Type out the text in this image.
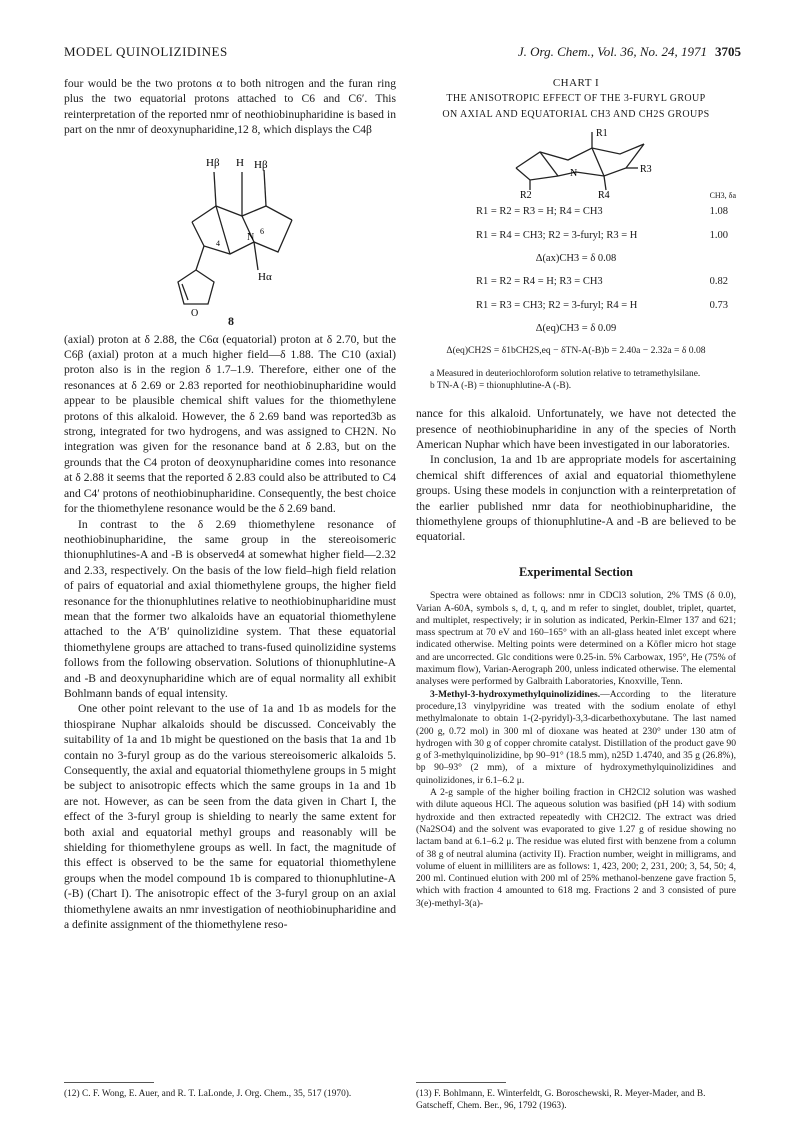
MODEL QUINOLIZIDINES	J. Org. Chem., Vol. 36, No. 24, 1971 3705

four would be the two protons α to both nitrogen and the furan ring plus the two equatorial protons attached to C6 and C6′. This reinterpretation of the reported nmr of neothiobinupharidine is based in part on the nmr of deoxynupharidine,12 8, which displays the C4β

Hβ H Hβ
Hα
N
4
6
O
8

(axial) proton at δ 2.88, the C6α (equatorial) proton at δ 2.70, but the C6β (axial) proton at a much higher field—δ 1.88. The C10 (axial) proton also is in the region δ 1.7–1.9. Therefore, either one of the resonances at δ 2.69 or 2.83 reported for neothiobinupharidine would appear to be plausible chemical shift values for the thiomethylene protons of this alkaloid. However, the δ 2.69 band was reported3b as strong, integrated for two hydrogens, and was assigned to CH2N. No integration was given for the resonance band at δ 2.83, but on the grounds that the C4 proton of deoxynupharidine comes into resonance at δ 2.88 it seems that the reported δ 2.83 could also be attributed to C4 and C4′ protons of neothiobinupharidine. Consequently, the best choice for the thiomethylene resonance would be the δ 2.69 band.

In contrast to the δ 2.69 thiomethylene resonance of neothiobinupharidine, the same group in the stereoisomeric thionuphlutines-A and -B is observed4 at somewhat higher field—2.32 and 2.33, respectively. On the basis of the low field–high field relation of pairs of equatorial and axial thiomethylene groups, the higher field resonance for the thionuphlutines relative to neothiobinupharidine must mean that the former two alkaloids have an equatorial thiomethylene attached to the A′B′ quinolizidine system. That these equatorial thiomethylene groups are attached to trans-fused quinolizidine systems follows from the following observation. Solutions of thionuphlutine-A and -B and deoxynupharidine which are of equal normality all exhibit Bohlmann bands of equal intensity.

One other point relevant to the use of 1a and 1b as models for the thiospirane Nuphar alkaloids should be discussed. Conceivably the suitability of 1a and 1b might be questioned on the basis that 1a and 1b contain no 3-furyl group as do the various stereoisomeric alkaloids 5. Consequently, the axial and equatorial thiomethylene groups in 5 might be subject to anisotropic effects which the same groups in 1a and 1b are not. However, as can be seen from the data given in Chart I, the effect of the 3-furyl group is shielding to nearly the same extent for both axial and equatorial methyl groups and reasonably will be shielding for thiomethylene groups as well. In fact, the magnitude of this effect is observed to be the same for equatorial thiomethylene groups when the model compound 1b is compared to thionuphlutine-A (-B) (Chart I). The anisotropic effect of the 3-furyl group on an axial thiomethylene awaits an nmr investigation of neothiobinupharidine and a definite assignment of the thiomethylene reso-

(12) C. F. Wong, E. Auer, and R. T. LaLonde, J. Org. Chem., 35, 517 (1970).
CHART I
THE ANISOTROPIC EFFECT OF THE 3-FURYL GROUP
ON AXIAL AND EQUATORIAL CH3 AND CH2S GROUPS
R1
R2
R3
R4
N
CH3, δa
R1 = R2 = R3 = H; R4 = CH3	1.08
R1 = R4 = CH3; R2 = 3-furyl; R3 = H	1.00
Δ(ax)CH3 = δ 0.08
R1 = R2 = R4 = H; R3 = CH3	0.82
R1 = R3 = CH3; R2 = 3-furyl; R4 = H	0.73
Δ(eq)CH3 = δ 0.09
Δ(eq)CH2S = δ1bCH2S,eq − δTN-A(-B)b = 2.40a − 2.32a = δ 0.08

a Measured in deuteriochloroform solution relative to tetramethylsilane.

b TN-A (-B) = thionuphlutine-A (-B).

nance for this alkaloid. Unfortunately, we have not detected the presence of neothiobinupharidine in any of the species of North American Nuphar which have been investigated in our laboratories.

In conclusion, 1a and 1b are appropriate models for ascertaining chemical shift differences of axial and equatorial thiomethylene groups. Using these models in conjunction with a reinterpretation of the earlier published nmr data for neothiobinupharidine, the thiomethylene groups of thionuphlutine-A and -B are believed to be equatorial.

Experimental Section

Spectra were obtained as follows: nmr in CDCl3 solution, 2% TMS (δ 0.0), Varian A-60A, symbols s, d, t, q, and m refer to singlet, doublet, triplet, quartet, and multiplet, respectively; ir in solution as indicated, Perkin-Elmer 137 and 621; mass spectrum at 70 eV and 160–165° with an all-glass heated inlet except where indicated otherwise. Melting points were determined on a Köfler micro hot stage and are uncorrected. Glc conditions were 0.25-in. 5% Carbowax, 195°, He (75% of maximum flow), Varian-Aerograph 200, unless indicated otherwise. The elemental analyses were performed by Galbraith Laboratories, Knoxville, Tenn.

3-Methyl-3-hydroxymethylquinolizidines.—According to the literature procedure,13 vinylpyridine was treated with the sodium enolate of ethyl methylmalonate to obtain 1-(2-pyridyl)-3,3-dicarbethoxybutane. The last named (200 g, 0.72 mol) in 300 ml of dioxane was heated at 230° under 130 atm of hydrogen with 30 g of copper chromite catalyst. Distillation of the product gave 90 g of 3-methylquinolizidine, bp 90–91° (18.5 mm), n25D 1.4740, and 35 g (26.8%), bp 90–93° (2 mm), of a mixture of hydroxymethylquinolizidines and quinolizidones, ir 6.1–6.2 μ.

A 2-g sample of the higher boiling fraction in CH2Cl2 solution was washed with dilute aqueous HCl. The aqueous solution was basified (pH 14) with sodium hydroxide and then extracted repeatedly with CH2Cl2. The extract was dried (Na2SO4) and the solvent was evaporated to give 1.27 g of residue showing no lactam band at 6.1–6.2 μ. The residue was eluted first with benzene from a column of 38 g of neutral alumina (activity II). Fraction number, weight in milligrams, and volume of eluent in milliliters are as follows: 1, 423, 200; 2, 231, 200; 3, 54, 50; 4, 200 ml. Continued elution with 200 ml of 25% methanol-benzene gave fraction 5, which with fraction 4 amounted to 618 mg. Fractions 2 and 3 consisted of pure 3(e)-methyl-3(a)-

(13) F. Bohlmann, E. Winterfeldt, G. Boroschewski, R. Meyer-Mader, and B. Gatscheff, Chem. Ber., 96, 1792 (1963).
